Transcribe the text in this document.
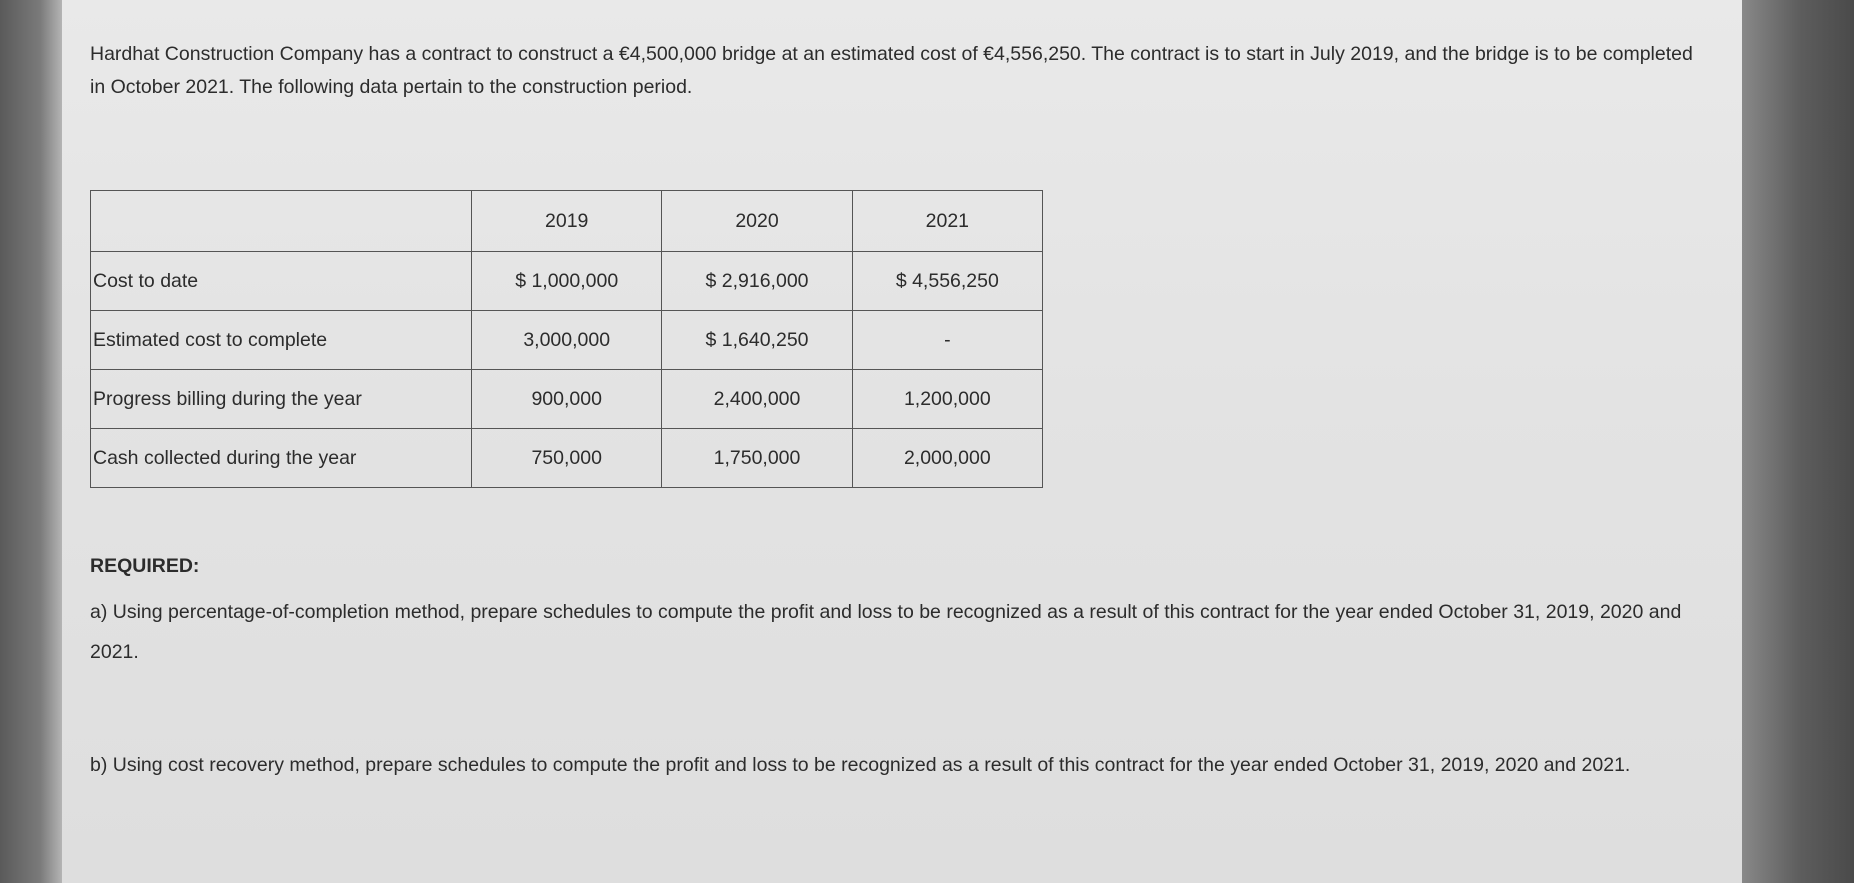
Hardhat Construction Company has a contract to construct a €4,500,000 bridge at an estimated cost of €4,556,250. The contract is to start in July 2019, and the bridge is to be completed in October 2021. The following data pertain to the construction period.
	2019	2020	2021
Cost to date	$ 1,000,000	$ 2,916,000	$ 4,556,250
Estimated cost to complete	3,000,000	$ 1,640,250	-
Progress billing during the year	900,000	2,400,000	1,200,000
Cash collected during the year	750,000	1,750,000	2,000,000
REQUIRED:
a) Using percentage-of-completion method, prepare schedules to compute the profit and loss to be recognized as a result of this contract for the year ended October 31, 2019, 2020 and 2021.
b) Using cost recovery method, prepare schedules to compute the profit and loss to be recognized as a result of this contract for the year ended October 31, 2019, 2020 and 2021.
